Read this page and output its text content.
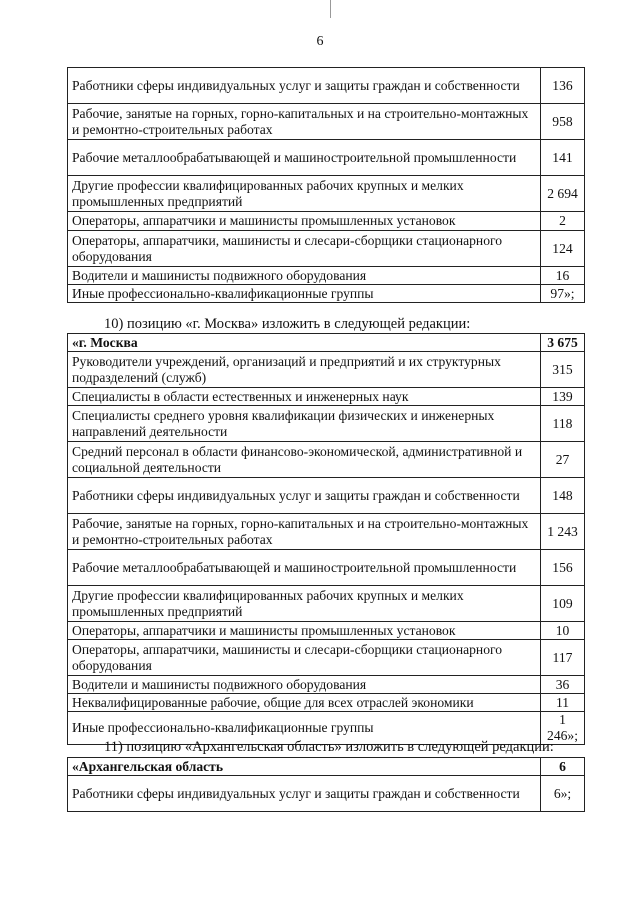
6
Работники сферы индивидуальных услуг и защиты граждан и собственности	136
Рабочие, занятые на горных, горно-капитальных и на строительно-монтажных и ремонтно-строительных работах	958
Рабочие металлообрабатывающей и машиностроительной промышленности	141
Другие профессии квалифицированных рабочих крупных и мелких промышленных предприятий	2 694
Операторы, аппаратчики и машинисты промышленных установок	2
Операторы, аппаратчики, машинисты и слесари-сборщики стационарного оборудования	124
Водители и машинисты подвижного оборудования	16
Иные профессионально-квалификационные группы	97»;
10) позицию «г. Москва» изложить в следующей редакции:
«г. Москва	3 675
Руководители учреждений, организаций и предприятий и их структурных подразделений (служб)	315
Специалисты в области естественных и инженерных наук	139
Специалисты среднего уровня квалификации физических и инженерных направлений деятельности	118
Средний персонал в области финансово-экономической, административной и социальной деятельности	27
Работники сферы индивидуальных услуг и защиты граждан и собственности	148
Рабочие, занятые на горных, горно-капитальных и на строительно-монтажных и ремонтно-строительных работах	1 243
Рабочие металлообрабатывающей и машиностроительной промышленности	156
Другие профессии квалифицированных рабочих крупных и мелких промышленных предприятий	109
Операторы, аппаратчики и машинисты промышленных установок	10
Операторы, аппаратчики, машинисты и слесари-сборщики стационарного оборудования	117
Водители и машинисты подвижного оборудования	36
Неквалифицированные рабочие, общие для всех отраслей экономики	11
Иные профессионально-квалификационные группы	1 246»;
11) позицию «Архангельская область» изложить в следующей редакции:
«Архангельская область	6
Работники сферы индивидуальных услуг и защиты граждан и собственности	6»;
